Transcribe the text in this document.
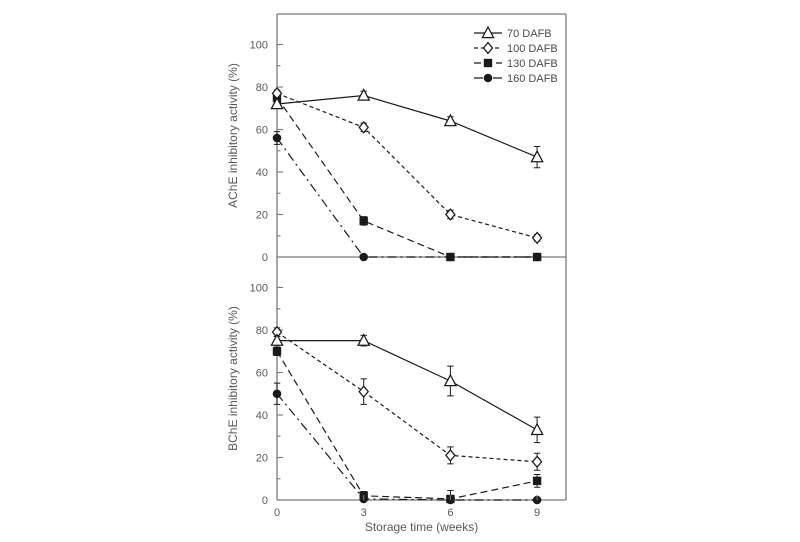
AChE inhibitory activity (%)
BChE inhibitory activity (%)
Storage time (weeks)
0
20
40
60
80
100
0
20
40
60
80
100
0	3	6	9
70 DAFB
100 DAFB
130 DAFB
160 DAFB
